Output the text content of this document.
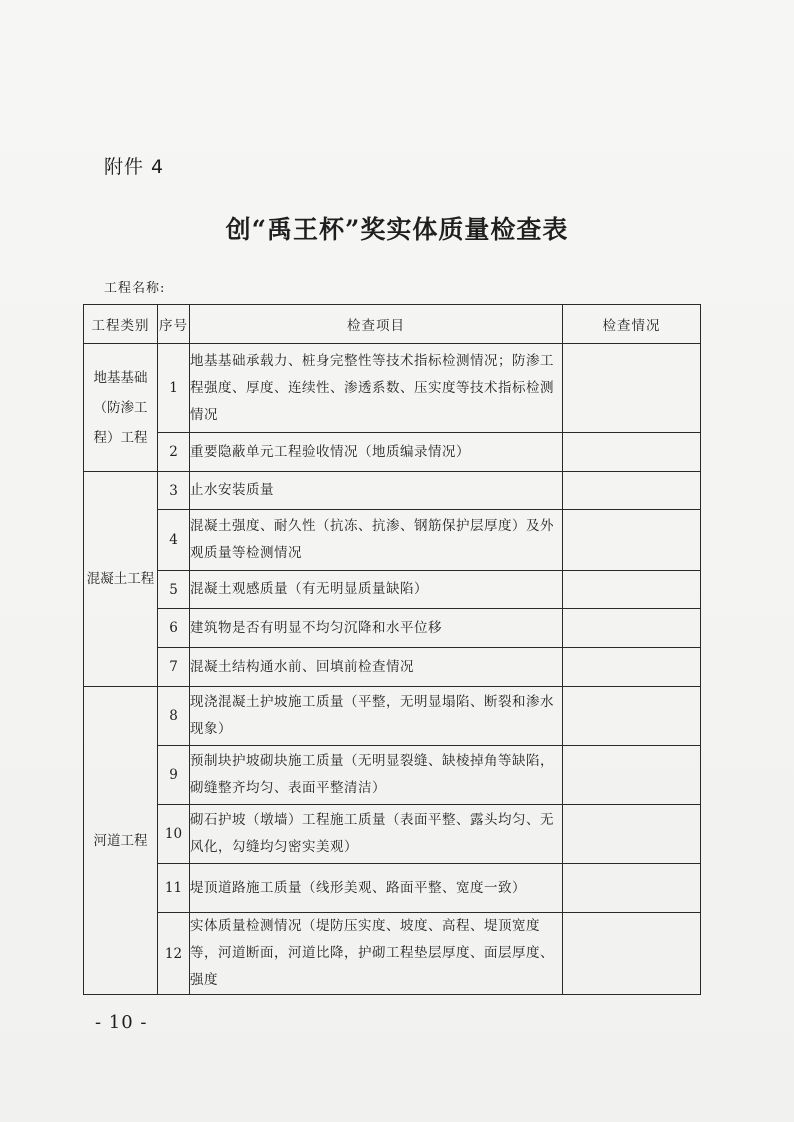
附件 4
创“禹王杯”奖实体质量检查表
工程名称:
工程类别	序号	检查项目	检查情况
地基基础（防渗工程）工程	1	地基基础承载力、桩身完整性等技术指标检测情况；防渗工程强度、厚度、连续性、渗透系数、压实度等技术指标检测情况	
	2	重要隐蔽单元工程验收情况（地质编录情况）	
混凝土工程	3	止水安装质量	
	4	混凝土强度、耐久性（抗冻、抗渗、钢筋保护层厚度）及外观质量等检测情况	
	5	混凝土观感质量（有无明显质量缺陷）	
	6	建筑物是否有明显不均匀沉降和水平位移	
	7	混凝土结构通水前、回填前检查情况	
河道工程	8	现浇混凝土护坡施工质量（平整，无明显塌陷、断裂和渗水现象）	
	9	预制块护坡砌块施工质量（无明显裂缝、缺棱掉角等缺陷，砌缝整齐均匀、表面平整清洁）	
	10	砌石护坡（墩墙）工程施工质量（表面平整、露头均匀、无风化，勾缝均匀密实美观）	
	11	堤顶道路施工质量（线形美观、路面平整、宽度一致）	
	12	实体质量检测情况（堤防压实度、坡度、高程、堤顶宽度等，河道断面，河道比降，护砌工程垫层厚度、面层厚度、强度	
- 10 -
